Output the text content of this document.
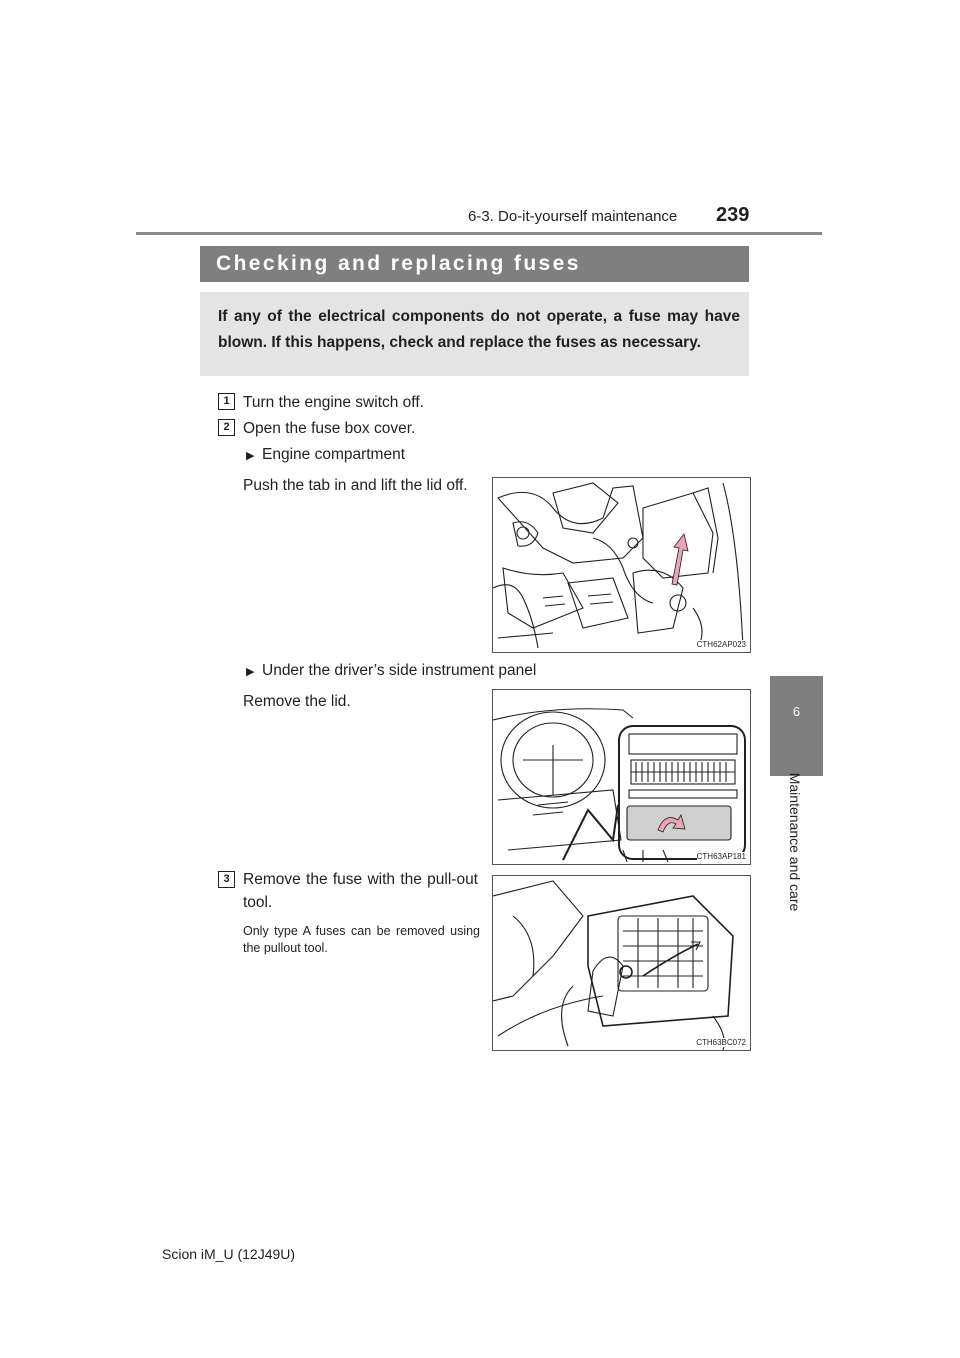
6-3. Do-it-yourself maintenance 239
6
Maintenance and care
Checking and replacing fuses
If any of the electrical components do not operate, a fuse may have blown. If this happens, check and replace the fuses as necessary.
1 Turn the engine switch off.
2 Open the fuse box cover.
▶ Engine compartment
Push the tab in and lift the lid off.
CTH62AP023
▶ Under the driver’s side instrument panel
Remove the lid.
CTH63AP181
3 Remove the fuse with the pull-out tool.
Only type A fuses can be removed using the pullout tool.
CTH63BC072
Scion iM_U (12J49U)
